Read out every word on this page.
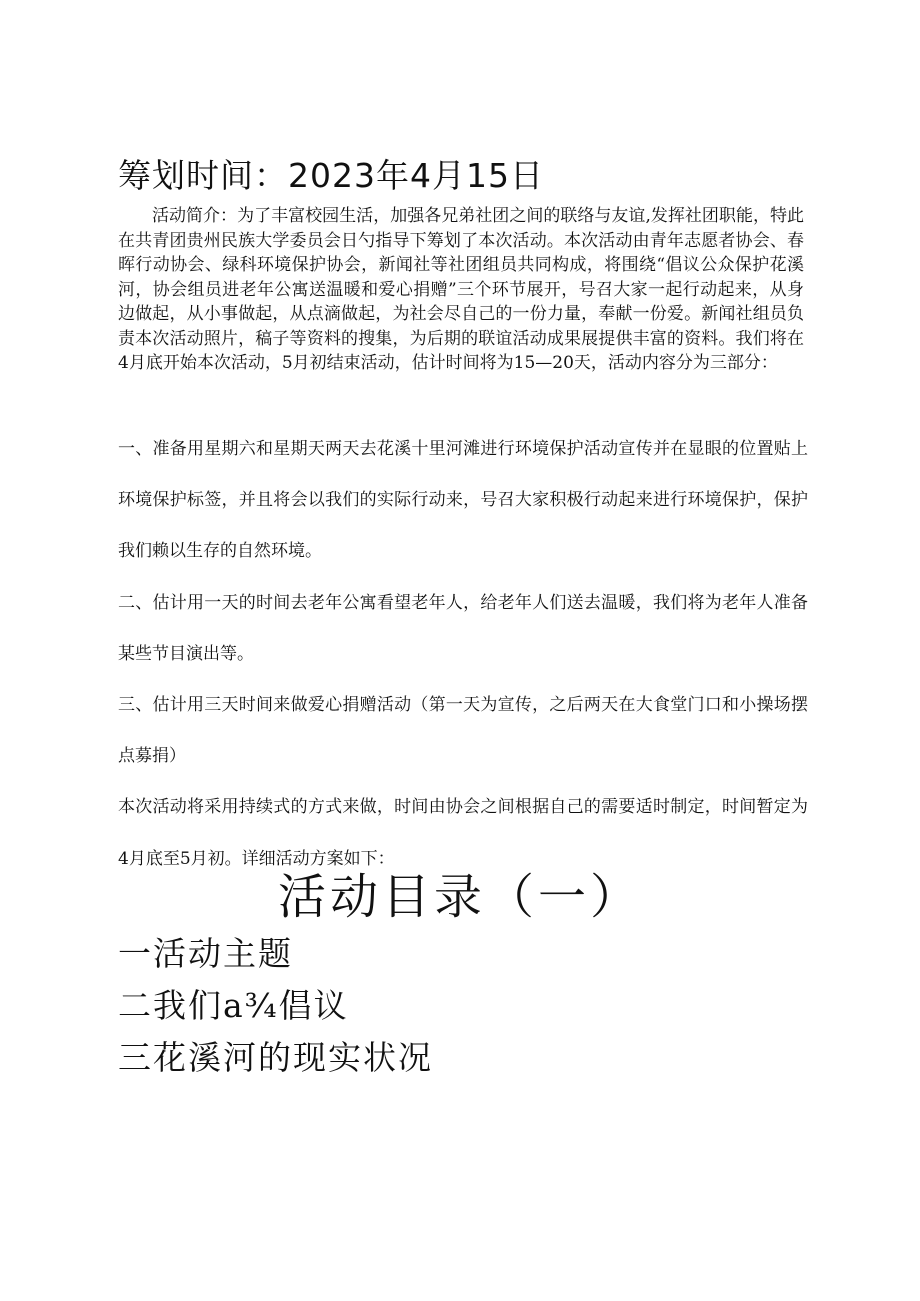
筹划时间：2023年4月15日

活动简介：为了丰富校园生活，加强各兄弟社团之间的联络与友谊,发挥社团职能，特此在共青团贵州民族大学委员会日勺指导下筹划了本次活动。本次活动由青年志愿者协会、春晖行动协会、绿科环境保护协会，新闻社等社团组员共同构成，将围绕“倡议公众保护花溪河，协会组员进老年公寓送温暖和爱心捐赠”三个环节展开，号召大家一起行动起来，从身边做起，从小事做起，从点滴做起，为社会尽自己的一份力量，奉献一份爱。新闻社组员负责本次活动照片，稿子等资料的搜集，为后期的联谊活动成果展提供丰富的资料。我们将在4月底开始本次活动，5月初结束活动，估计时间将为15—20天，活动内容分为三部分：

一、准备用星期六和星期天两天去花溪十里河滩进行环境保护活动宣传并在显眼的位置贴上环境保护标签，并且将会以我们的实际行动来，号召大家积极行动起来进行环境保护，保护我们赖以生存的自然环境。

二、估计用一天的时间去老年公寓看望老年人，给老年人们送去温暖，我们将为老年人准备某些节目演出等。

三、估计用三天时间来做爱心捐赠活动（第一天为宣传，之后两天在大食堂门口和小操场摆点募捐）

本次活动将采用持续式的方式来做，时间由协会之间根据自己的需要适时制定，时间暂定为4月底至5月初。详细活动方案如下：

活动目录（一）
一活动主题
二我们a¾倡议
三花溪河的现实状况
